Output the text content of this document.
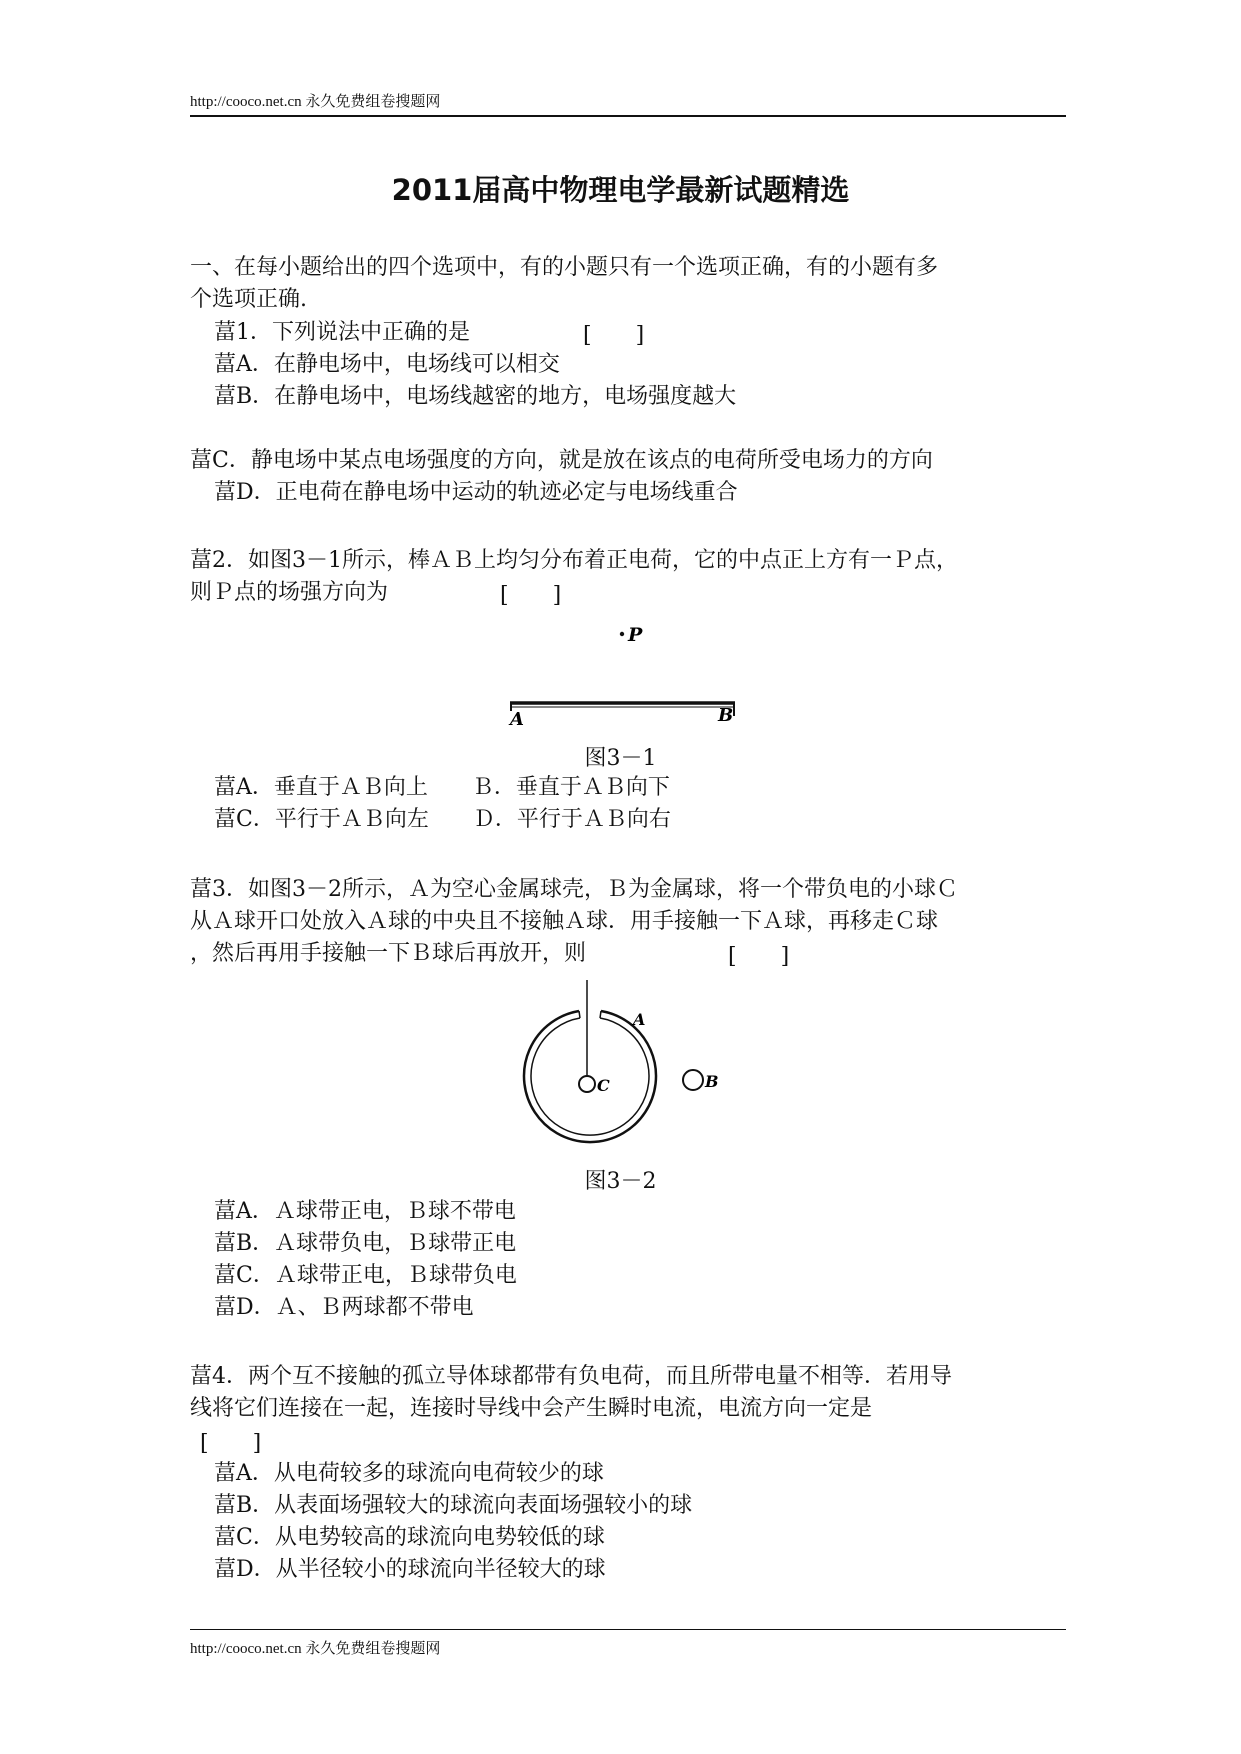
http://cooco.net.cn 永久免费组卷搜题网
2011届高中物理电学最新试题精选
一、在每小题给出的四个选项中，有的小题只有一个选项正确，有的小题有多
个选项正确.
葍1．下列说法中正确的是	[　　]
葍A．在静电场中，电场线可以相交
葍B．在静电场中，电场线越密的地方，电场强度越大
葍C．静电场中某点电场强度的方向，就是放在该点的电荷所受电场力的方向
葍D．正电荷在静电场中运动的轨迹必定与电场线重合
葍2．如图3－1所示，棒ＡＢ上均匀分布着正电荷，它的中点正上方有一Ｐ点，
则Ｐ点的场强方向为	[　　]
P
A	B
图3－1
葍A．垂直于ＡＢ向上　　Ｂ．垂直于ＡＢ向下
葍C．平行于ＡＢ向左　　Ｄ．平行于ＡＢ向右
葍3．如图3－2所示，Ａ为空心金属球壳，Ｂ为金属球，将一个带负电的小球Ｃ
从Ａ球开口处放入Ａ球的中央且不接触Ａ球．用手接触一下Ａ球，再移走Ｃ球
，然后再用手接触一下Ｂ球后再放开，则	[　　]
C
A
B
图3－2
葍A．Ａ球带正电，Ｂ球不带电
葍B．Ａ球带负电，Ｂ球带正电
葍C．Ａ球带正电，Ｂ球带负电
葍D．Ａ、Ｂ两球都不带电
葍4．两个互不接触的孤立导体球都带有负电荷，而且所带电量不相等．若用导
线将它们连接在一起，连接时导线中会产生瞬时电流，电流方向一定是
[　　]
葍A．从电荷较多的球流向电荷较少的球
葍B．从表面场强较大的球流向表面场强较小的球
葍C．从电势较高的球流向电势较低的球
葍D．从半径较小的球流向半径较大的球
http://cooco.net.cn 永久免费组卷搜题网
